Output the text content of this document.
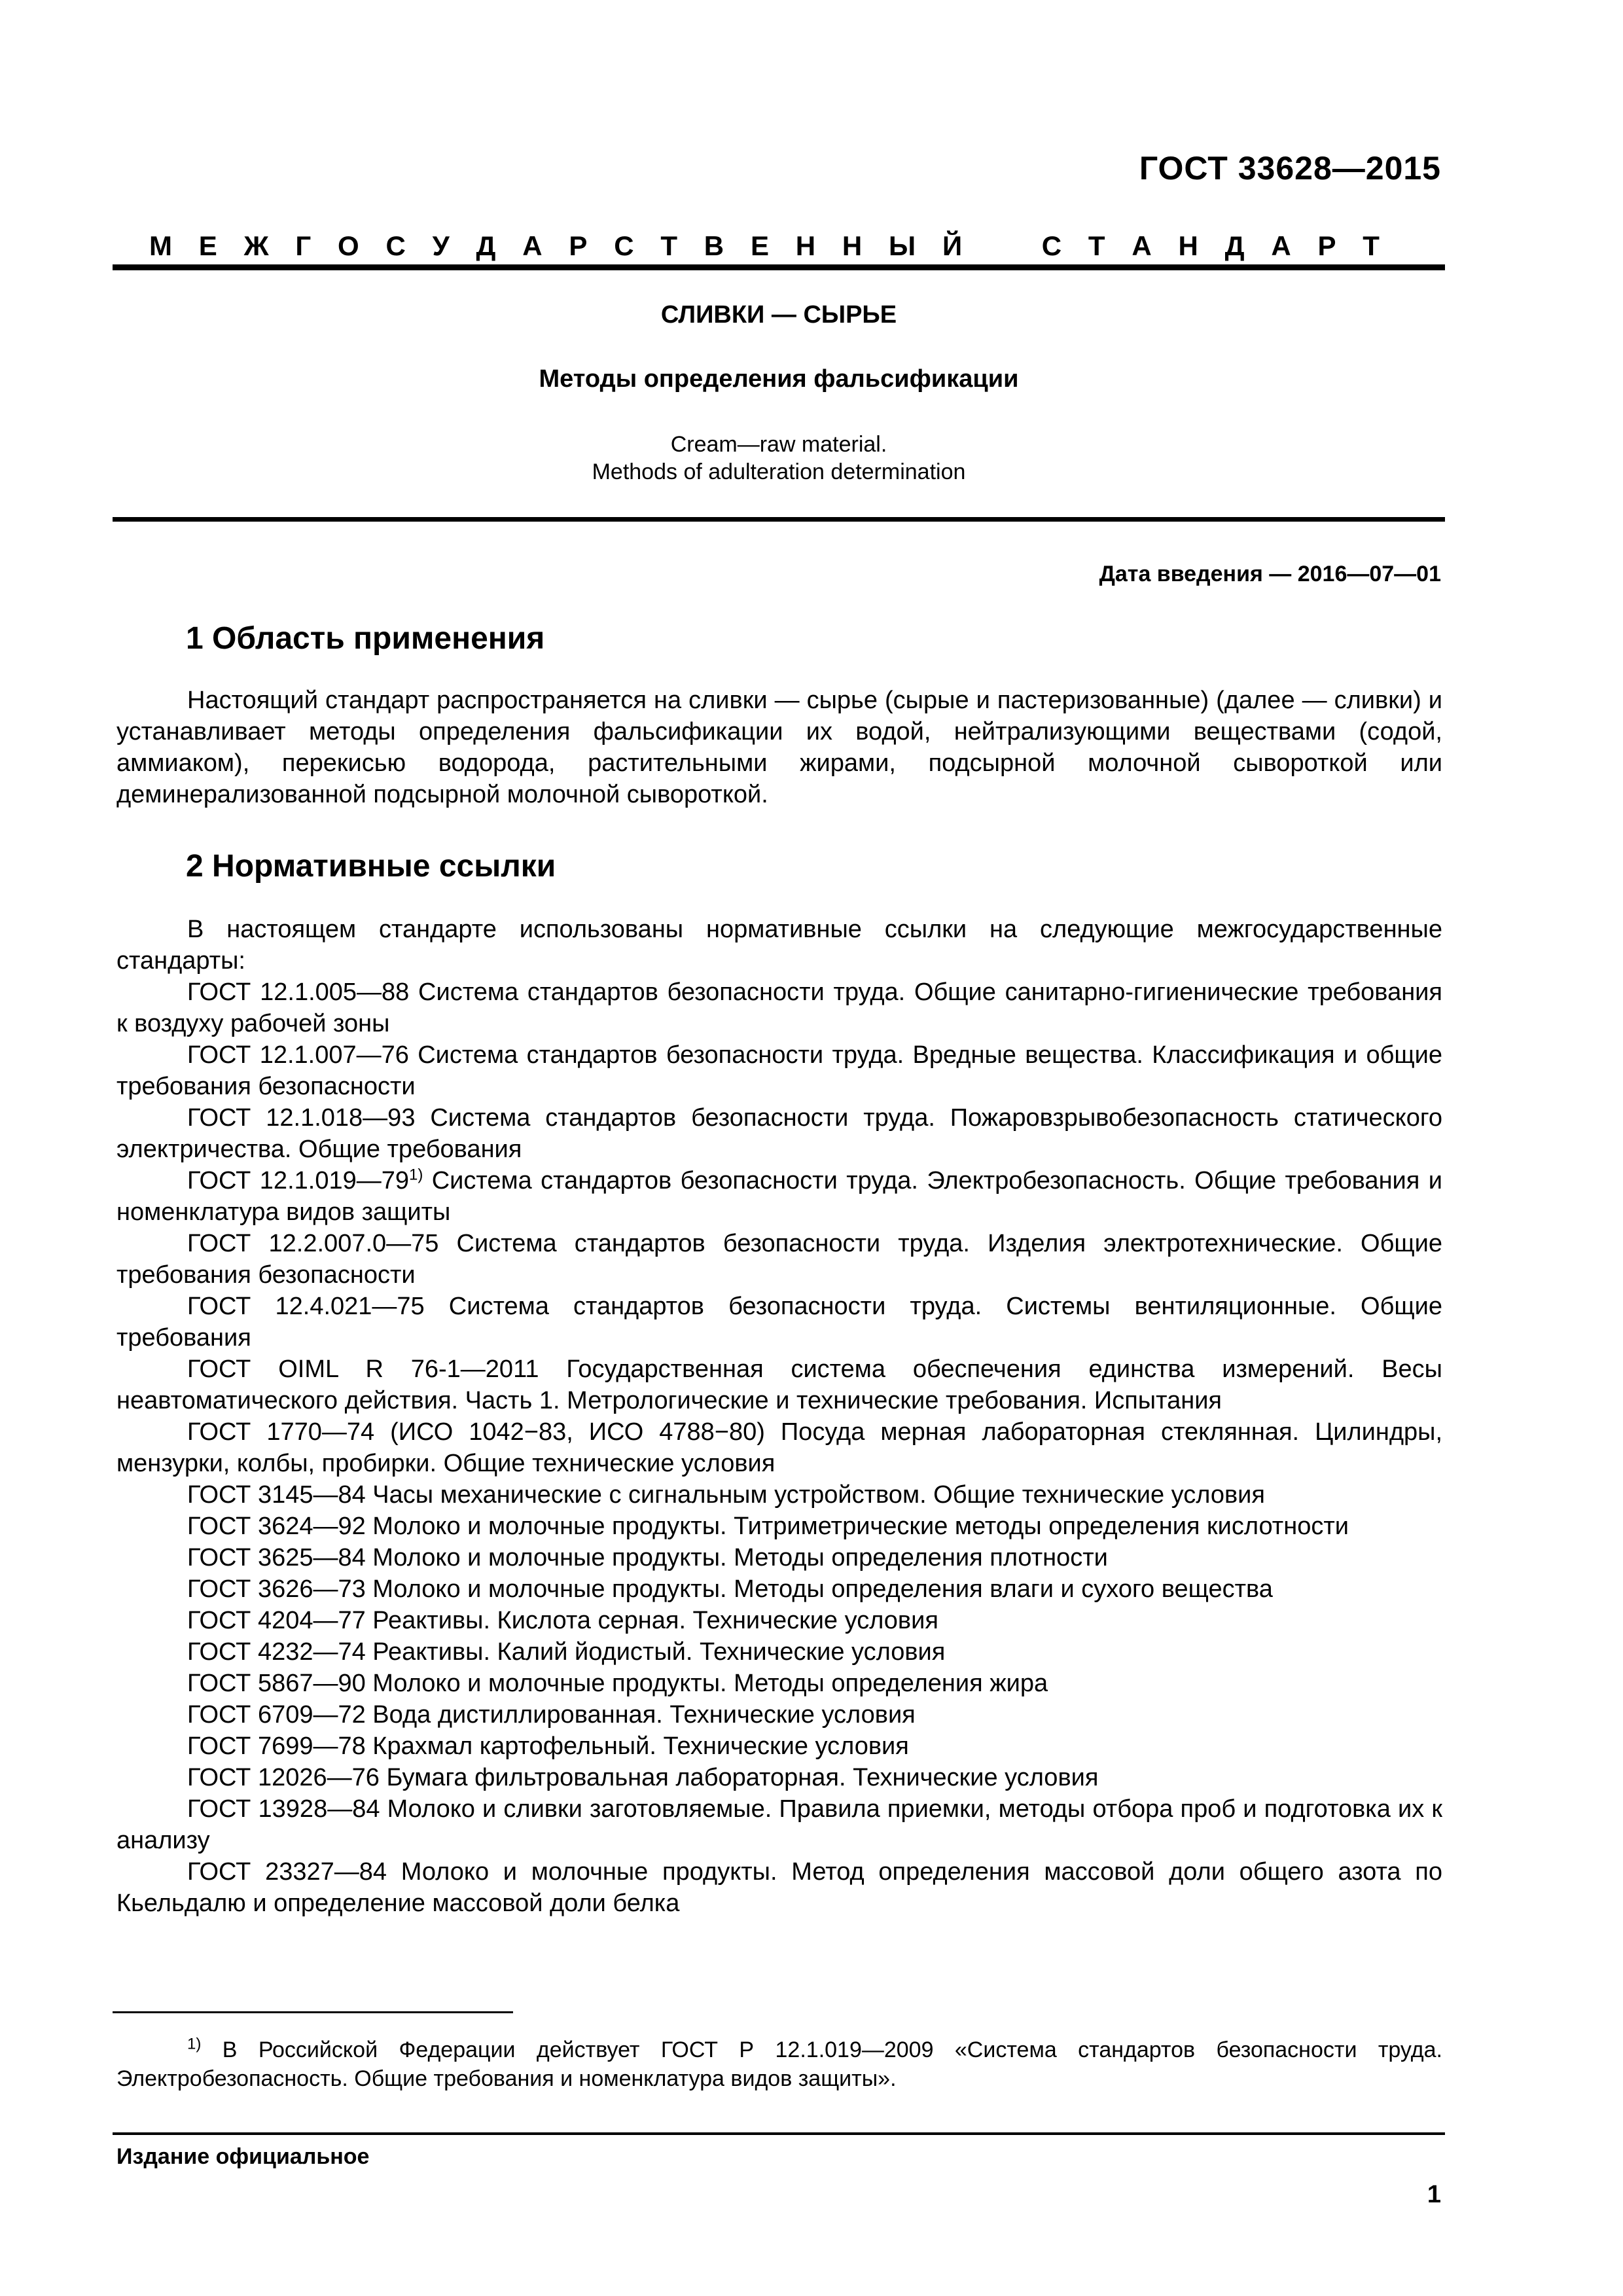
ГОСТ 33628—2015
М Е Ж Г О С У Д А Р С Т В Е Н Н Ы Й	С Т А Н Д А Р Т
СЛИВКИ — СЫРЬЕ
Методы определения фальсификации
Cream—raw material.
Methods of adulteration determination
Дата введения — 2016—07—01
1 Область применения

Настоящий стандарт распространяется на сливки — сырье (сырые и пастеризованные) (далее — сливки) и устанавливает методы определения фальсификации их водой, нейтрализующими веществами (содой, аммиаком), перекисью водорода, растительными жирами, подсырной молочной сывороткой или деминерализованной подсырной молочной сывороткой.

2 Нормативные ссылки

В настоящем стандарте использованы нормативные ссылки на следующие межгосударственные стандарты:

ГОСТ 12.1.005—88 Система стандартов безопасности труда. Общие санитарно-гигиенические требования к воздуху рабочей зоны

ГОСТ 12.1.007—76 Система стандартов безопасности труда. Вредные вещества. Классификация и общие требования безопасности

ГОСТ 12.1.018—93 Система стандартов безопасности труда. Пожаровзрывобезопасность статического электричества. Общие требования

ГОСТ 12.1.019—79$^{1)}$ Система стандартов безопасности труда. Электробезопасность. Общие требования и номенклатура видов защиты

ГОСТ 12.2.007.0—75 Система стандартов безопасности труда. Изделия электротехнические. Общие требования безопасности

ГОСТ 12.4.021—75 Система стандартов безопасности труда. Системы вентиляционные. Общие требования

ГОСТ OIML R 76-1—2011 Государственная система обеспечения единства измерений. Весы неавтоматического действия. Часть 1. Метрологические и технические требования. Испытания

ГОСТ 1770—74 (ИСО 1042−83, ИСО 4788−80) Посуда мерная лабораторная стеклянная. Цилиндры, мензурки, колбы, пробирки. Общие технические условия

ГОСТ 3145—84 Часы механические с сигнальным устройством. Общие технические условия

ГОСТ 3624—92 Молоко и молочные продукты. Титриметрические методы определения кислотности

ГОСТ 3625—84 Молоко и молочные продукты. Методы определения плотности

ГОСТ 3626—73 Молоко и молочные продукты. Методы определения влаги и сухого вещества

ГОСТ 4204—77 Реактивы. Кислота серная. Технические условия

ГОСТ 4232—74 Реактивы. Калий йодистый. Технические условия

ГОСТ 5867—90 Молоко и молочные продукты. Методы определения жира

ГОСТ 6709—72 Вода дистиллированная. Технические условия

ГОСТ 7699—78 Крахмал картофельный. Технические условия

ГОСТ 12026—76 Бумага фильтровальная лабораторная. Технические условия

ГОСТ 13928—84 Молоко и сливки заготовляемые. Правила приемки, методы отбора проб и подготовка их к анализу

ГОСТ 23327—84 Молоко и молочные продукты. Метод определения массовой доли общего азота по Кьельдалю и определение массовой доли белка

$^{1)}$ В Российской Федерации действует ГОСТ Р 12.1.019—2009 «Система стандартов безопасности труда. Электробезопасность. Общие требования и номенклатура видов защиты».

Издание официальное
1
